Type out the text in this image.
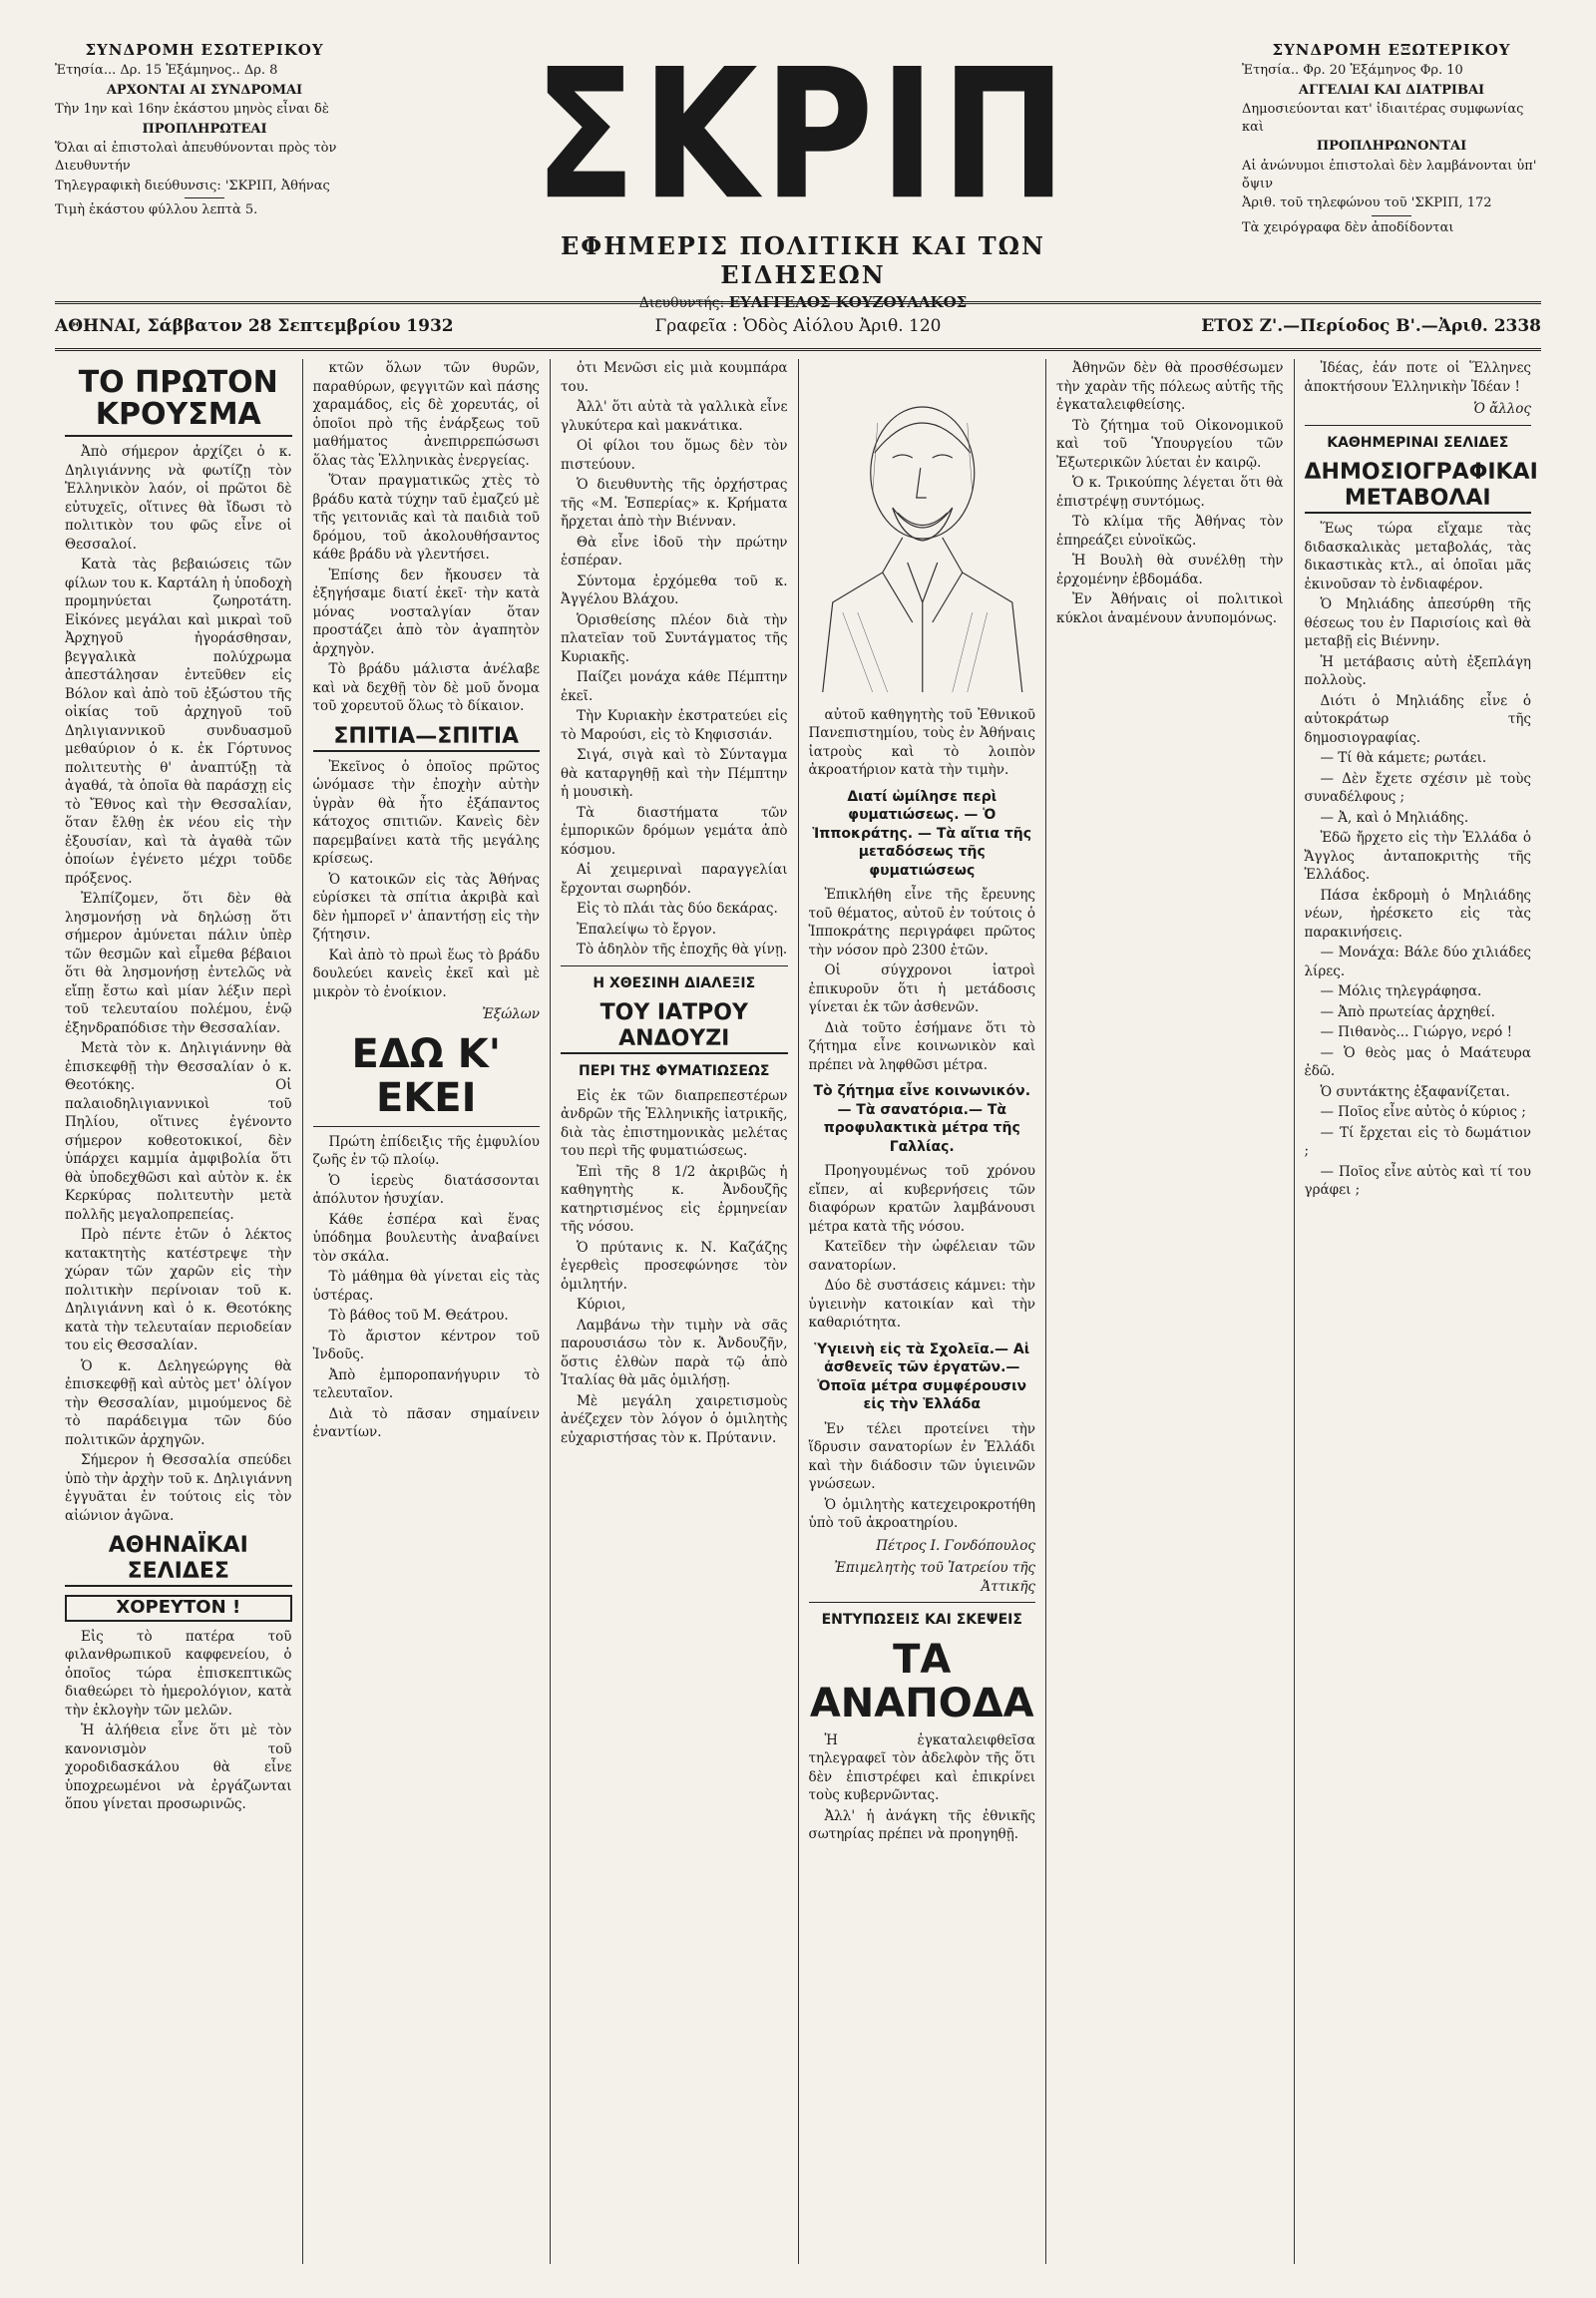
ΣΥΝΔΡΟΜΗ ΕΣΩΤΕΡΙΚΟΥ

Ἐτησία... Δρ. 15 Ἑξάμηνος.. Δρ. 8

ΑΡΧΟΝΤΑΙ ΑΙ ΣΥΝΔΡΟΜΑΙ

Τὴν 1ην καὶ 16ην ἑκάστου μηνὸς εἶναι δὲ

ΠΡΟΠΛΗΡΩΤΕΑΙ

Ὅλαι αἱ ἐπιστολαὶ ἀπευθύνονται πρὸς τὸν Διευθυντήν

Τηλεγραφικὴ διεύθυνσις: 'ΣΚΡΙΠ, Ἀθήνας

Τιμὴ ἑκάστου φύλλου λεπτὰ 5.	ΣΚΡΙΠ
ΕΦΗΜΕΡΙΣ ΠΟΛΙΤΙΚΗ ΚΑΙ ΤΩΝ ΕΙΔΗΣΕΩΝ
Διευθυντής: ΕΥΑΓΓΕΛΟΣ ΚΟΥΖΟΥΛΑΚΟΣ
ΣΥΝΔΡΟΜΗ ΕΞΩΤΕΡΙΚΟΥ

Ἐτησία.. Φρ. 20 Ἑξάμηνος Φρ. 10

ΑΓΓΕΛΙΑΙ ΚΑΙ ΔΙΑΤΡΙΒΑΙ

Δημοσιεύονται κατ' ἰδιαιτέρας συμφωνίας καὶ

ΠΡΟΠΛΗΡΩΝΟΝΤΑΙ

Αἱ ἀνώνυμοι ἐπιστολαὶ δὲν λαμβάνονται ὑπ' ὄψιν

Ἀριθ. τοῦ τηλεφώνου τοῦ 'ΣΚΡΙΠ, 172

Τὰ χειρόγραφα δὲν ἀποδίδονται

ΑΘΗΝΑΙ, Σάββατον 28 Σεπτεμβρίου 1932	Γραφεῖα : Ὁδὸς Αἰόλου Ἀριθ. 120	ΕΤΟΣ Ζ'.—Περίοδος Β'.—Ἀριθ. 2338
ΤΟ ΠΡΩΤΟΝ ΚΡΟΥΣΜΑ

Ἀπὸ σήμερον ἀρχίζει ὁ κ. Δηλιγιάννης νὰ φωτίζῃ τὸν Ἑλληνικὸν λαόν, οἱ πρῶτοι δὲ εὐτυχεῖς, οἵτινες θὰ ἴδωσι τὸ πολιτικὸν του φῶς εἶνε οἱ Θεσσαλοί.

Κατὰ τὰς βεβαιώσεις τῶν φίλων του κ. Καρτάλη ἡ ὑποδοχὴ προμηνύεται ζωηροτάτη. Εἰκόνες μεγάλαι καὶ μικραὶ τοῦ Ἀρχηγοῦ ἠγοράσθησαν, βεγγαλικὰ πολύχρωμα ἀπεστάλησαν ἐντεῦθεν εἰς Βόλον καὶ ἀπὸ τοῦ ἐξώστου τῆς οἰκίας τοῦ ἀρχηγοῦ τοῦ Δηλιγιαννικοῦ συνδυασμοῦ μεθαύριον ὁ κ. ἐκ Γόρτυνος πολιτευτὴς θ' ἀναπτύξῃ τὰ ἀγαθά, τὰ ὁποῖα θὰ παράσχῃ εἰς τὸ Ἔθνος καὶ τὴν Θεσσαλίαν, ὅταν ἔλθῃ ἐκ νέου εἰς τὴν ἐξουσίαν, καὶ τὰ ἀγαθὰ τῶν ὁποίων ἐγένετο μέχρι τοῦδε πρόξενος.

Ἐλπίζομεν, ὅτι δὲν θὰ λησμονήσῃ νὰ δηλώσῃ ὅτι σήμερον ἀμύνεται πάλιν ὑπὲρ τῶν θεσμῶν καὶ εἶμεθα βέβαιοι ὅτι θὰ λησμονήσῃ ἐντελῶς νὰ εἴπῃ ἔστω καὶ μίαν λέξιν περὶ τοῦ τελευταίου πολέμου, ἐνῷ ἐξηνδραπόδισε τὴν Θεσσαλίαν.

Μετὰ τὸν κ. Δηλιγιάννην θὰ ἐπισκεφθῇ τὴν Θεσσαλίαν ὁ κ. Θεοτόκης. Οἱ παλαιοδηλιγιαννικοὶ τοῦ Πηλίου, οἵτινες ἐγένοντο σήμερον κοθεοτοκικοί, δὲν ὑπάρχει καμμία ἀμφιβολία ὅτι θὰ ὑποδεχθῶσι καὶ αὐτὸν κ. ἐκ Κερκύρας πολιτευτὴν μετὰ πολλῆς μεγαλοπρεπείας.

Πρὸ πέντε ἐτῶν ὁ λέκτος κατακτητὴς κατέστρεψε τὴν χώραν τῶν χαρῶν εἰς τὴν πολιτικὴν περίνοιαν τοῦ κ. Δηλιγιάννη καὶ ὁ κ. Θεοτόκης κατὰ τὴν τελευταίαν περιοδείαν του εἰς Θεσσαλίαν.

Ὁ κ. Δεληγεώργης θὰ ἐπισκεφθῇ καὶ αὐτὸς μετ' ὀλίγον τὴν Θεσσαλίαν, μιμούμενος δὲ τὸ παράδειγμα τῶν δύο πολιτικῶν ἀρχηγῶν.

Σήμερον ἡ Θεσσαλία σπεύδει ὑπὸ τὴν ἀρχὴν τοῦ κ. Δηλιγιάννη ἐγγυᾶται ἐν τούτοις εἰς τὸν αἰώνιον ἀγῶνα.

ΑΘΗΝΑΪΚΑΙ ΣΕΛΙΔΕΣ
ΧΟΡΕΥΤΟΝ !

Εἰς τὸ πατέρα τοῦ φιλανθρωπικοῦ καφφενείου, ὁ ὁποῖος τώρα ἐπισκεπτικῶς διαθεώρει τὸ ἡμερολόγιον, κατὰ τὴν ἐκλογὴν τῶν μελῶν.

Ἡ ἀλήθεια εἶνε ὅτι μὲ τὸν κανονισμὸν τοῦ χοροδιδασκάλου θὰ εἶνε ὑποχρεωμένοι νὰ ἐργάζωνται ὅπου γίνεται προσωρινῶς.

κτῶν ὅλων τῶν θυρῶν, παραθύρων, φεγγιτῶν καὶ πάσης χαραμάδος, εἰς δὲ χορευτάς, οἱ ὁποῖοι πρὸ τῆς ἐνάρξεως τοῦ μαθήματος ἀνεπιρρεπώσωσι ὅλας τὰς Ἑλληνικὰς ἐνεργείας.

Ὅταν πραγματικῶς χτὲς τὸ βράδυ κατὰ τύχην ταῦ ἐμαζεύ μὲ τῆς γειτονιᾶς καὶ τὰ παιδιὰ τοῦ δρόμου, τοῦ ἀκολουθήσαντος κάθε βράδυ νὰ γλεντήσει.

Ἐπίσης δεν ἤκουσεν τὰ ἐξηγήσαμε διατί ἐκεῖ· τὴν κατὰ μόνας νοσταλγίαν ὅταν προστάζει ἀπὸ τὸν ἀγαπητὸν ἀρχηγὸν.

Τὸ βράδυ μάλιστα ἀνέλαβε καὶ νὰ δεχθῇ τὸν δὲ μοῦ ὄνομα τοῦ χορευτοῦ ὅλως τὸ δίκαιον.

ΣΠΙΤΙΑ—ΣΠΙΤΙΑ

Ἐκεῖνος ὁ ὁποῖος πρῶτος ὡνόμασε τὴν ἐποχὴν αὐτὴν ὑγρὰν θὰ ἦτο ἐξάπαντος κάτοχος σπιτιῶν. Κανεὶς δὲν παρεμβαίνει κατὰ τῆς μεγάλης κρίσεως.

Ὁ κατοικῶν εἰς τὰς Ἀθήνας εὑρίσκει τὰ σπίτια ἀκριβὰ καὶ δὲν ἠμπορεῖ ν' ἀπαντήσῃ εἰς τὴν ζήτησιν.

Καὶ ἀπὸ τὸ πρωὶ ἕως τὸ βράδυ δουλεύει κανεὶς ἐκεῖ καὶ μὲ μικρὸν τὸ ἐνοίκιον.

Ἐξώλων
ΕΔΩ Κ' ΕΚΕΙ

Πρώτη ἐπίδειξις τῆς ἐμφυλίου ζωῆς ἐν τῷ πλοίῳ.

Ὁ ἱερεὺς διατάσσονται ἀπόλυτον ἡσυχίαν.

Κάθε ἑσπέρα καὶ ἕνας ὑπόδημα βουλευτὴς ἀναβαίνει τὸν σκάλα.

Τὸ μάθημα θὰ γίνεται εἰς τὰς ὑστέρας.

Τὸ βάθος τοῦ Μ. Θεάτρου.

Τὸ ἄριστον κέντρον τοῦ Ἰνδοῦς.

Ἀπὸ ἐμποροπανήγυριν τὸ τελευταῖον.

Διὰ τὸ πᾶσαν σημαίνειν ἐναντίων.

ὁτι Μενῶσι εἰς μιὰ κουμπάρα του.

Ἀλλ' ὅτι αὐτὰ τὰ γαλλικὰ εἶνε γλυκύτερα καὶ μακνάτικα.

Οἱ φίλοι του ὅμως δὲν τὸν πιστεύουν.

Ὁ διευθυντὴς τῆς ὀρχήστρας τῆς «Μ. Ἑσπερίας» κ. Κρήματα ἤρχεται ἀπὸ τὴν Βιένναν.

Θὰ εἶνε ἰδοῦ τὴν πρώτην ἑσπέραν.

Σύντομα ἐρχόμεθα τοῦ κ. Ἀγγέλου Βλάχου.

Ὁρισθείσης πλέον διὰ τὴν πλατεῖαν τοῦ Συντάγματος τῆς Κυριακῆς.

Παίζει μονάχα κάθε Πέμπτην ἐκεῖ.

Τὴν Κυριακὴν ἐκστρατεύει εἰς τὸ Μαρούσι, εἰς τὸ Κηφισσιάν.

Σιγά, σιγὰ καὶ τὸ Σύνταγμα θὰ καταργηθῇ καὶ τὴν Πέμπτην ἡ μουσικὴ.

Τὰ διαστήματα τῶν ἐμπορικῶν δρόμων γεμάτα ἀπὸ κόσμου.

Αἱ χειμεριναὶ παραγγελίαι ἔρχονται σωρηδόν.

Εἰς τὸ πλάι τὰς δύο δεκάρας.

Ἐπαλείψω τὸ ἔργον.

Τὸ ἀδηλὸν τῆς ἐποχῆς θὰ γίνῃ.

Η ΧΘΕΣΙΝΗ ΔΙΑΛΕΞΙΣ
ΤΟΥ ΙΑΤΡΟΥ ΑΝΔΟΥΖΙ
ΠΕΡΙ ΤΗΣ ΦΥΜΑΤΙΩΣΕΩΣ

Εἰς ἐκ τῶν διαπρεπεστέρων ἀνδρῶν τῆς Ἑλληνικῆς ἰατρικῆς, διὰ τὰς ἐπιστημονικὰς μελέτας του περὶ τῆς φυματιώσεως.

Ἐπὶ τῆς 8 1/2 ἀκριβῶς ἡ καθηγητὴς κ. Ἀνδουζῆς κατηρτισμένος εἰς ἑρμηνείαν τῆς νόσου.

Ὁ πρύτανις κ. Ν. Καζάζης ἐγερθεὶς προσεφώνησε τὸν ὁμιλητήν.

Κύριοι,

Λαμβάνω τὴν τιμὴν νὰ σᾶς παρουσιάσω τὸν κ. Ἀνδουζῆν, ὅστις ἐλθὼν παρὰ τῷ ἀπὸ Ἰταλίας θὰ μᾶς ὁμιλήσῃ.

Μὲ μεγάλη χαιρετισμοὺς ἀνέζεχεν τὸν λόγον ὁ ὁμιλητὴς εὐχαριστήσας τὸν κ. Πρύτανιν.

αὐτοῦ καθηγητὴς τοῦ Ἐθνικοῦ Πανεπιστημίου, τοὺς ἐν Ἀθήναις ἰατροὺς καὶ τὸ λοιπὸν ἀκροατήριον κατὰ τὴν τιμὴν.

Διατί ὡμίλησε περὶ φυματιώσεως. — Ὁ Ἱπποκράτης. — Τὰ αἴτια τῆς μεταδόσεως τῆς φυματιώσεως

Ἐπικλήθη εἶνε τῆς ἔρευνης τοῦ θέματος, αὐτοῦ ἐν τούτοις ὁ Ἱπποκράτης περιγράφει πρῶτος τὴν νόσον πρὸ 2300 ἐτῶν.

Οἱ σύγχρονοι ἰατροὶ ἐπικυροῦν ὅτι ἡ μετάδοσις γίνεται ἐκ τῶν ἀσθενῶν.

Διὰ τοῦτο ἐσήμανε ὅτι τὸ ζήτημα εἶνε κοινωνικὸν καὶ πρέπει νὰ ληφθῶσι μέτρα.

Τὸ ζήτημα εἶνε κοινωνικόν.— Τὰ σανατόρια.— Τὰ προφυλακτικὰ μέτρα τῆς Γαλλίας.

Προηγουμένως τοῦ χρόνου εἴπεν, αἱ κυβερνήσεις τῶν διαφόρων κρατῶν λαμβάνουσι μέτρα κατὰ τῆς νόσου.

Κατεῖδεν τὴν ὠφέλειαν τῶν σανατορίων.

Δύο δὲ συστάσεις κάμνει: τὴν ὑγιεινὴν κατοικίαν καὶ τὴν καθαριότητα.

Ὑγιεινὴ εἰς τὰ Σχολεῖα.— Αἱ ἀσθενεῖς τῶν ἐργατῶν.—Ὁποῖα μέτρα συμφέρουσιν εἰς τὴν Ἑλλάδα

Ἐν τέλει προτείνει τὴν ἵδρυσιν σανατορίων ἐν Ἑλλάδι καὶ τὴν διάδοσιν τῶν ὑγιεινῶν γνώσεων.

Ὁ ὁμιλητὴς κατεχειροκροτήθη ὑπὸ τοῦ ἀκροατηρίου.

Πέτρος Ι. Γονδόπουλος
Ἐπιμελητὴς τοῦ Ἰατρείου τῆς Ἀττικῆς
ΕΝΤΥΠΩΣΕΙΣ ΚΑΙ ΣΚΕΨΕΙΣ
ΤΑ ΑΝΑΠΟΔΑ

Ἡ ἐγκαταλειφθεῖσα τηλεγραφεῖ τὸν ἀδελφὸν τῆς ὅτι δὲν ἐπιστρέφει καὶ ἐπικρίνει τοὺς κυβερνῶντας.

Ἀλλ' ἡ ἀνάγκη τῆς ἐθνικῆς σωτηρίας πρέπει νὰ προηγηθῇ.

Ἀθηνῶν δὲν θὰ προσθέσωμεν τὴν χαρὰν τῆς πόλεως αὐτῆς τῆς ἐγκαταλειφθείσης.

Τὸ ζήτημα τοῦ Οἰκονομικοῦ καὶ τοῦ Ὑπουργείου τῶν Ἐξωτερικῶν λύεται ἐν καιρῷ.

Ὁ κ. Τρικούπης λέγεται ὅτι θὰ ἐπιστρέψῃ συντόμως.

Τὸ κλίμα τῆς Ἀθήνας τὸν ἐπηρεάζει εὐνοϊκῶς.

Ἡ Βουλὴ θὰ συνέλθῃ τὴν ἐρχομένην ἑβδομάδα.

Ἐν Ἀθήναις οἱ πολιτικοὶ κύκλοι ἀναμένουν ἀνυπομόνως.

Ἰδέας, ἐάν ποτε οἱ Ἕλληνες ἀποκτήσουν Ἑλληνικὴν Ἰδέαν !

Ὁ ἄλλος
ΚΑΘΗΜΕΡΙΝΑΙ ΣΕΛΙΔΕΣ
ΔΗΜΟΣΙΟΓΡΑΦΙΚΑΙ ΜΕΤΑΒΟΛΑΙ

Ἕως τώρα εἴχαμε τὰς διδασκαλικὰς μεταβολάς, τὰς δικαστικὰς κτλ., αἱ ὁποῖαι μᾶς ἐκινοῦσαν τὸ ἐνδιαφέρον.

Ὁ Μηλιάδης ἀπεσύρθη τῆς θέσεως του ἐν Παρισίοις καὶ θὰ μεταβῇ εἰς Βιέννην.

Ἡ μετάβασις αὐτὴ ἐξεπλάγη πολλοὺς.

Διότι ὁ Μηλιάδης εἶνε ὁ αὐτοκράτωρ τῆς δημοσιογραφίας.

— Τί θὰ κάμετε; ρωτάει.

— Δὲν ἔχετε σχέσιν μὲ τοὺς συναδέλφους ;

— Ἀ, καὶ ὁ Μηλιάδης.

Ἐδῶ ἤρχετο εἰς τὴν Ἑλλάδα ὁ Ἄγγλος ἀνταποκριτὴς τῆς Ἑλλάδος.

Πάσα ἐκδρομὴ ὁ Μηλιάδης νέων, ἠρέσκετο εἰς τὰς παρακινήσεις.

— Μονάχα: Βάλε δύο χιλιάδες λίρες.

— Μόλις τηλεγράφησα.

— Ἀπὸ πρωτείας ἀρχηθεί.

— Πιθανὸς... Γιώργο, νερό !

— Ὁ θεὸς μας ὁ Μαάτευρα ἐδῶ.

Ὁ συντάκτης ἐξαφανίζεται.

— Ποῖος εἶνε αὐτὸς ὁ κύριος ;

— Τί ἔρχεται εἰς τὸ δωμάτιον ;

— Ποῖος εἶνε αὐτὸς καὶ τί του γράφει ;
